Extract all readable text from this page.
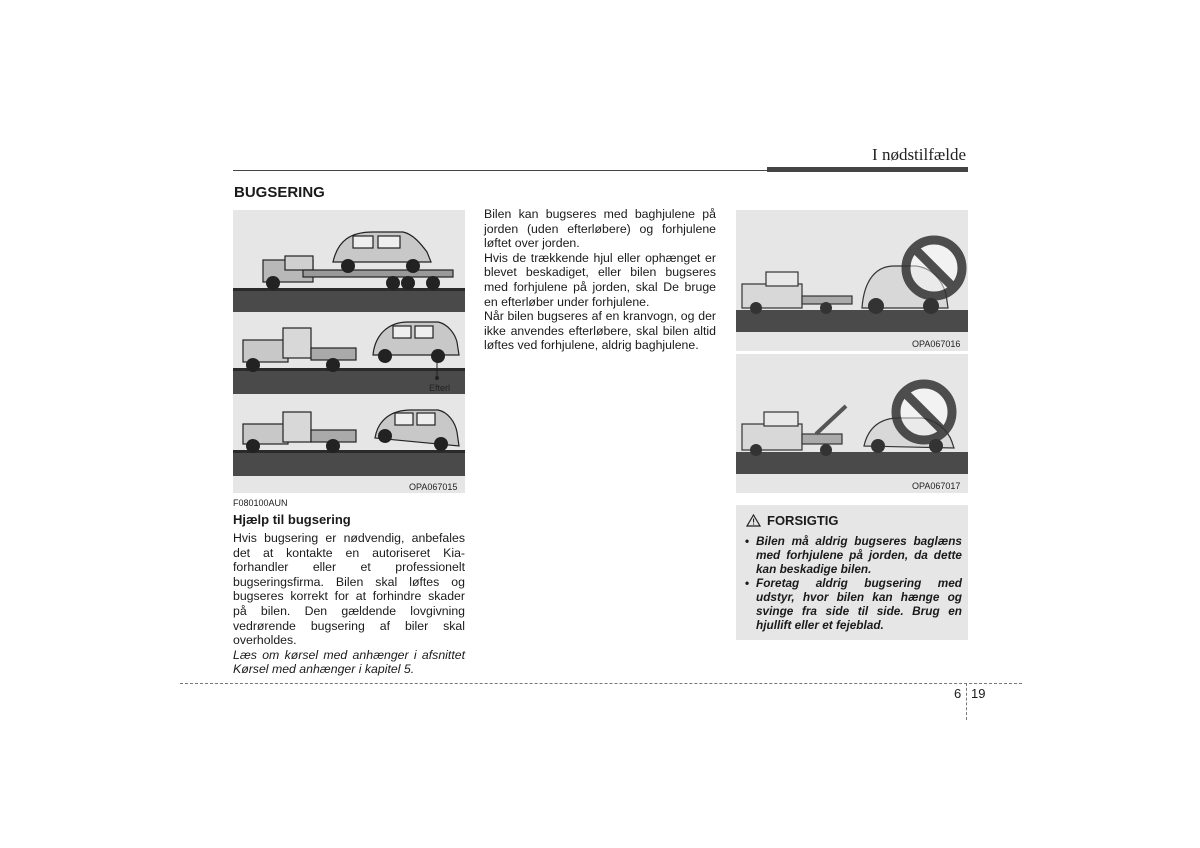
I nødstilfælde
BUGSERING
Efterl
OPA067015
OPA067016
OPA067017
F080100AUN
Hjælp til bugsering

Hvis bugsering er nødvendig, anbefales det at kontakte en autoriseret Kia-forhandler eller et professionelt bugseringsfirma. Bilen skal løftes og bugseres korrekt for at forhindre skader på bilen. Den gældende lovgivning vedrørende bugsering af biler skal overholdes.

Læs om kørsel med anhænger i afsnittet Kørsel med anhænger i kapitel 5.

Bilen kan bugseres med baghjulene på jorden (uden efterløbere) og forhjulene løftet over jorden.

Hvis de trækkende hjul eller ophænget er blevet beskadiget, eller bilen bugseres med forhjulene på jorden, skal De bruge en efterløber under forhjulene.

Når bilen bugseres af en kranvogn, og der ikke anvendes efterløbere, skal bilen altid løftes ved forhjulene, aldrig baghjulene.

FORSIGTIG
• Bilen må aldrig bugseres baglæns med forhjulene på jorden, da dette kan beskadige bilen.
• Foretag aldrig bugsering med udstyr, hvor bilen kan hænge og svinge fra side til side. Brug en hjullift eller et fejeblad.
6 19
